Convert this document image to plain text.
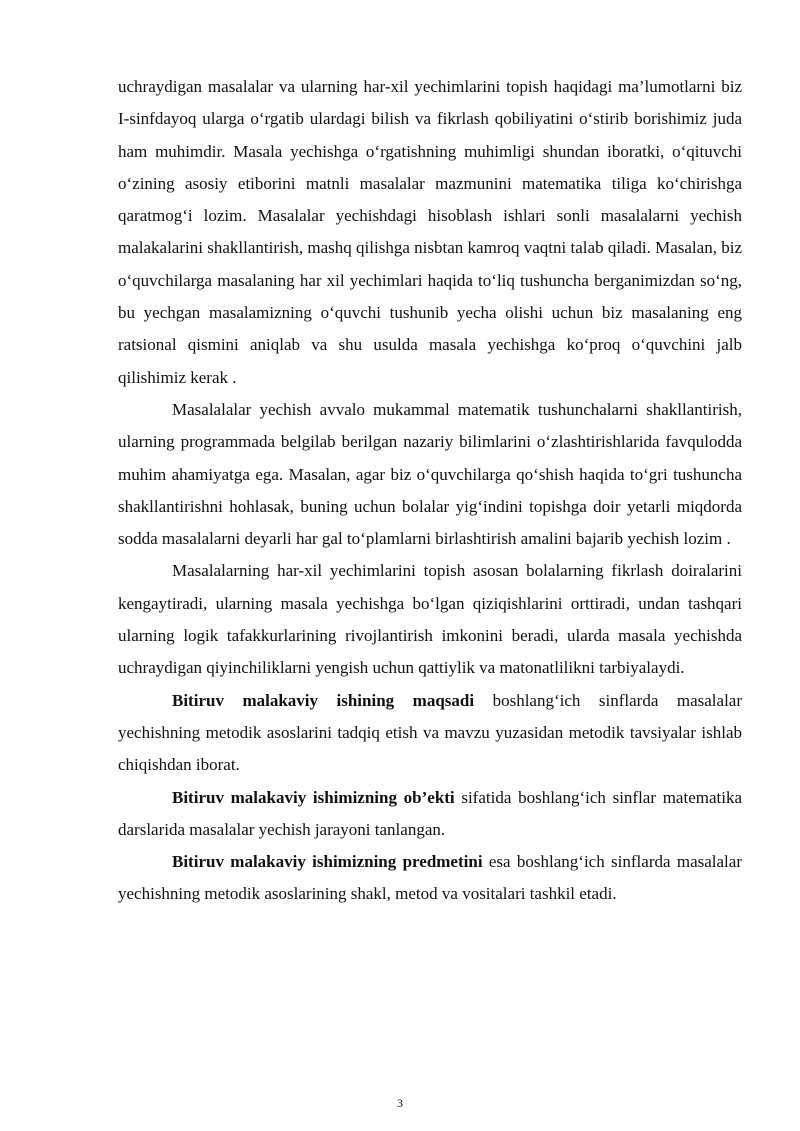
uchraydigan masalalar va ularning har-xil yechimlarini topish haqidagi ma’lumotlarni biz I-sinfdayoq ularga o‘rgatib ulardagi bilish va fikrlash qobiliyatini o‘stirib borishimiz juda ham muhimdir. Masala yechishga o‘rgatishning muhimligi shundan iboratki, o‘qituvchi o‘zining asosiy etiborini matnli masalalar mazmunini matematika tiliga ko‘chirishga qaratmog‘i lozim. Masalalar yechishdagi hisoblash ishlari sonli masalalarni yechish malakalarini shakllantirish, mashq qilishga nisbtan kamroq vaqtni talab qiladi. Masalan, biz o‘quvchilarga masalaning har xil yechimlari haqida to‘liq tushuncha berganimizdan so‘ng, bu yechgan masalamizning o‘quvchi tushunib yecha olishi uchun biz masalaning eng ratsional qismini aniqlab va shu usulda masala yechishga ko‘proq o‘quvchini jalb qilishimiz kerak .

Masalalalar yechish avvalo mukammal matematik tushunchalarni shakllantirish, ularning programmada belgilab berilgan nazariy bilimlarini o‘zlashtirishlarida favqulodda muhim ahamiyatga ega. Masalan, agar biz o‘quvchilarga qo‘shish haqida to‘gri tushuncha shakllantirishni hohlasak, buning uchun bolalar yig‘indini topishga doir yetarli miqdorda sodda masalalarni deyarli har gal to‘plamlarni birlashtirish amalini bajarib yechish lozim .

Masalalarning har-xil yechimlarini topish asosan bolalarning fikrlash doiralarini kengaytiradi, ularning masala yechishga bo‘lgan qiziqishlarini orttiradi, undan tashqari ularning logik tafakkurlarining rivojlantirish imkonini beradi, ularda masala yechishda uchraydigan qiyinchiliklarni yengish uchun qattiylik va matonatlilikni tarbiyalaydi.

Bitiruv malakaviy ishining maqsadi boshlang‘ich sinflarda masalalar yechishning metodik asoslarini tadqiq etish va mavzu yuzasidan metodik tavsiyalar ishlab chiqishdan iborat.

Bitiruv malakaviy ishimizning ob’ekti sifatida boshlang‘ich sinflar matematika darslarida masalalar yechish jarayoni tanlangan.

Bitiruv malakaviy ishimizning predmetini esa boshlang‘ich sinflarda masalalar yechishning metodik asoslarining shakl, metod va vositalari tashkil etadi.

3
